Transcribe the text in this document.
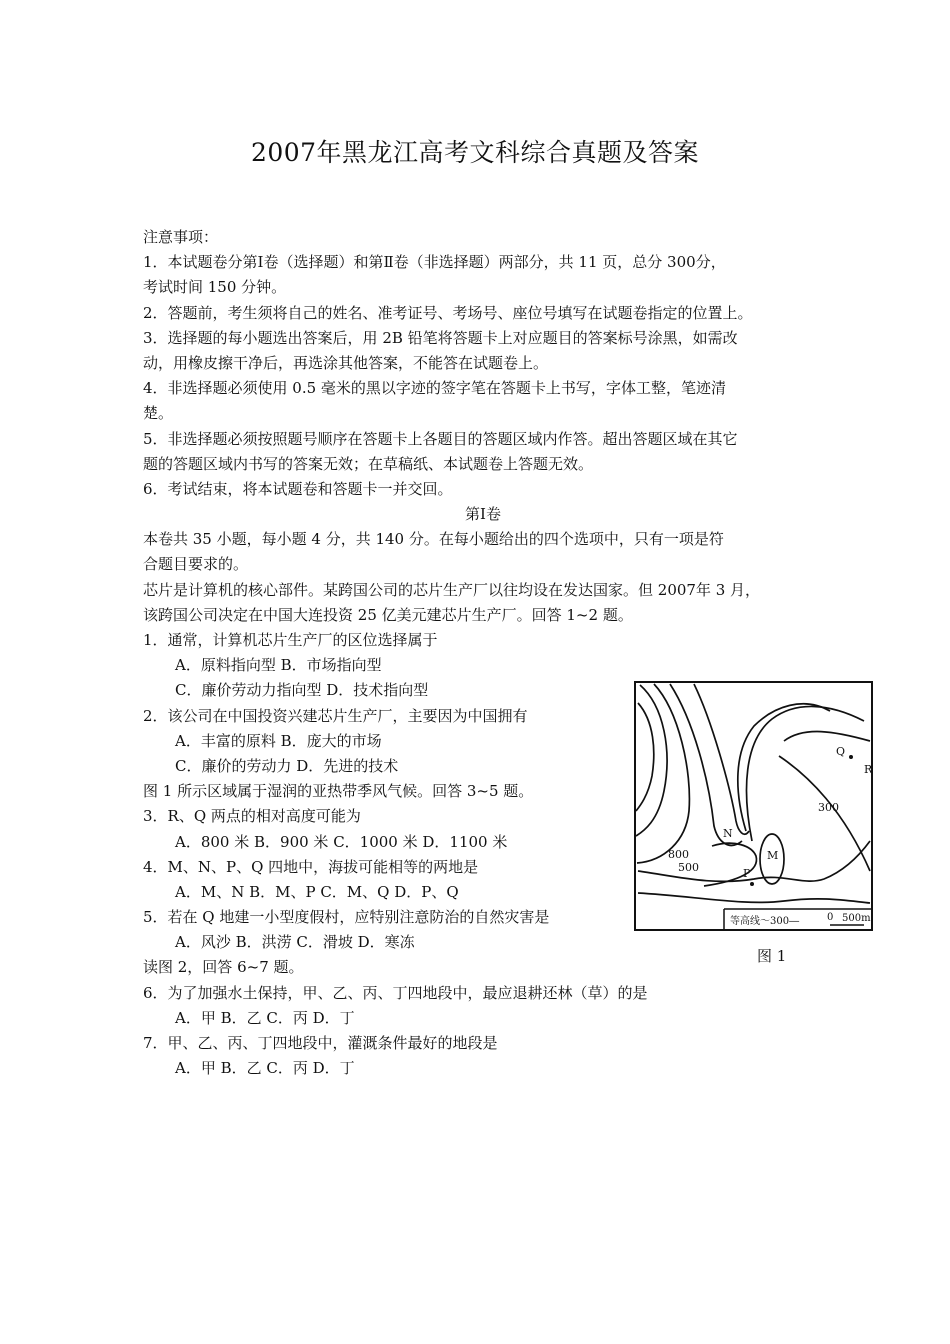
2007年黑龙江高考文科综合真题及答案
注意事项：
1．本试题卷分第Ⅰ卷（选择题）和第Ⅱ卷（非选择题）两部分，共 11 页，总分 300分，
考试时间 150 分钟。
2．答题前，考生须将自己的姓名、准考证号、考场号、座位号填写在试题卷指定的位置上。
3．选择题的每小题选出答案后，用 2B 铅笔将答题卡上对应题目的答案标号涂黑，如需改
动，用橡皮擦干净后，再选涂其他答案，不能答在试题卷上。
4．非选择题必须使用 0.5 毫米的黑以字迹的签字笔在答题卡上书写，字体工整，笔迹清
楚。
5．非选择题必须按照题号顺序在答题卡上各题目的答题区域内作答。超出答题区域在其它
题的答题区域内书写的答案无效；在草稿纸、本试题卷上答题无效。
6．考试结束，将本试题卷和答题卡一并交回。
第Ⅰ卷
本卷共 35 小题，每小题 4 分，共 140 分。在每小题给出的四个选项中，只有一项是符
合题目要求的。
芯片是计算机的核心部件。某跨国公司的芯片生产厂以往均设在发达国家。但 2007年 3 月，
该跨国公司决定在中国大连投资 25 亿美元建芯片生产厂。回答 1~2 题。
1．通常，计算机芯片生产厂的区位选择属于
A．原料指向型 B．市场指向型
C．廉价劳动力指向型 D．技术指向型
2．该公司在中国投资兴建芯片生产厂，主要因为中国拥有
A．丰富的原料 B．庞大的市场
C．廉价的劳动力 D．先进的技术
图 1 所示区域属于湿润的亚热带季风气候。回答 3~5 题。
3．R、Q 两点的相对高度可能为
A．800 米 B．900 米 C．1000 米 D．1100 米
4．M、N、P、Q 四地中，海拔可能相等的两地是
A．M、N B．M、P C．M、Q D．P、Q
5．若在 Q 地建一小型度假村，应特别注意防治的自然灾害是
A．风沙 B．洪涝 C．滑坡 D．寒冻
读图 2，回答 6~7 题。
6．为了加强水土保持，甲、乙、丙、丁四地段中，最应退耕还林（草）的是
A．甲 B．乙 C．丙 D．丁
7．甲、乙、丙、丁四地段中，灌溉条件最好的地段是
A．甲 B．乙 C．丙 D．丁
Q
R
300
N
M
800
500	P
等高线～300―	0 500m
图 1
